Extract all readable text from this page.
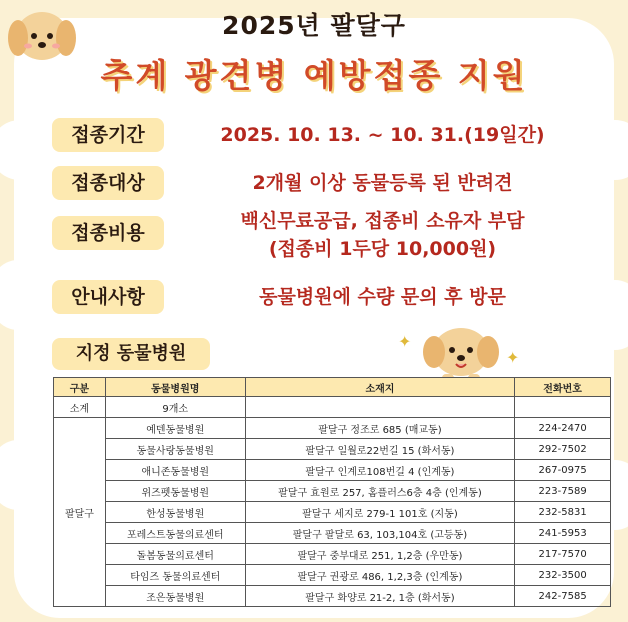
2025년 팔달구
추계 광견병 예방접종 지원
접종기간	2025. 10. 13. ~ 10. 31.(19일간)
접종대상	2개월 이상 동물등록 된 반려견
접종비용
백신무료공급, 접종비 소유자 부담
(접종비 1두당 10,000원)
안내사항	동물병원에 수량 문의 후 방문
지정 동물병원
✦
✦
구분	동물병원명	소재지	전화번호
소계	9개소		
팔달구	예덴동물병원	팔달구 정조로 685 (매교동)	224-2470
	동물사랑동물병원	팔달구 일월로22번길 15 (화서동)	292-7502
	애니존동물병원	팔달구 인계로108번길 4 (인계동)	267-0975
	위즈펫동물병원	팔달구 효원로 257, 홈플러스6층 4층 (인계동)	223-7589
	한성동물병원	팔달구 세지로 279-1 101호 (지동)	232-5831
	포레스트동물의료센터	팔달구 팔달로 63, 103,104호 (고등동)	241-5953
	돌봄동물의료센터	팔달구 중부대로 251, 1,2층 (우만동)	217-7570
	타임즈 동물의료센터	팔달구 권광로 486, 1,2,3층 (인계동)	232-3500
	조은동물병원	팔달구 화양로 21-2, 1층 (화서동)	242-7585
